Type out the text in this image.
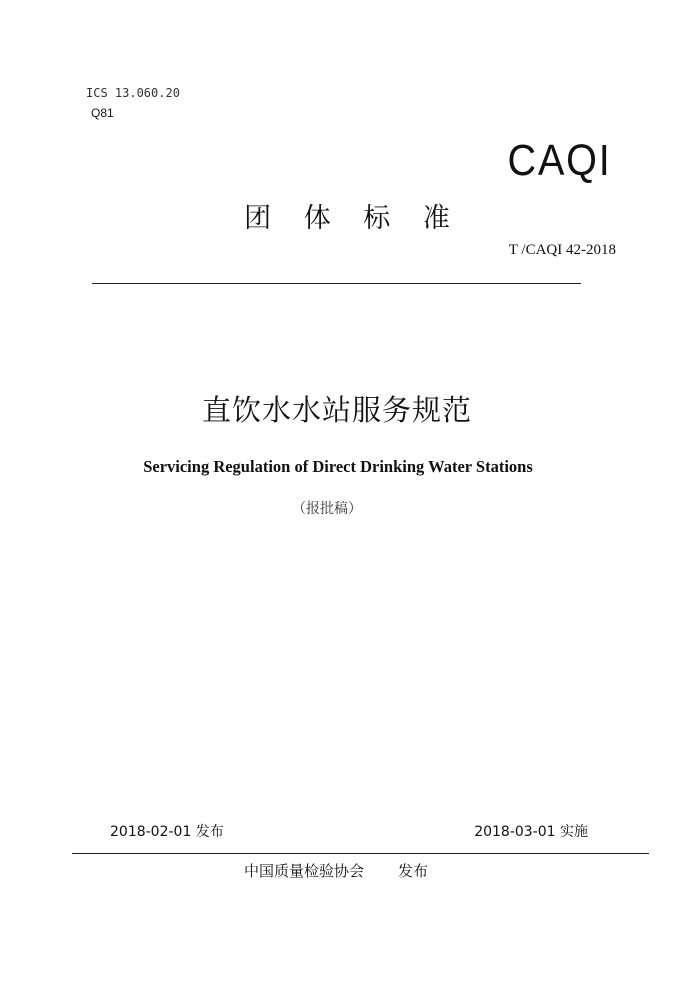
ICS 13.060.20
Q81
CAQI
团 体 标 准
T /CAQI 42-2018
直饮水水站服务规范
Servicing Regulation of Direct Drinking Water Stations
（报批稿）
2018-02-01 发布	2018-03-01 实施
中国质量检验协会 发布
